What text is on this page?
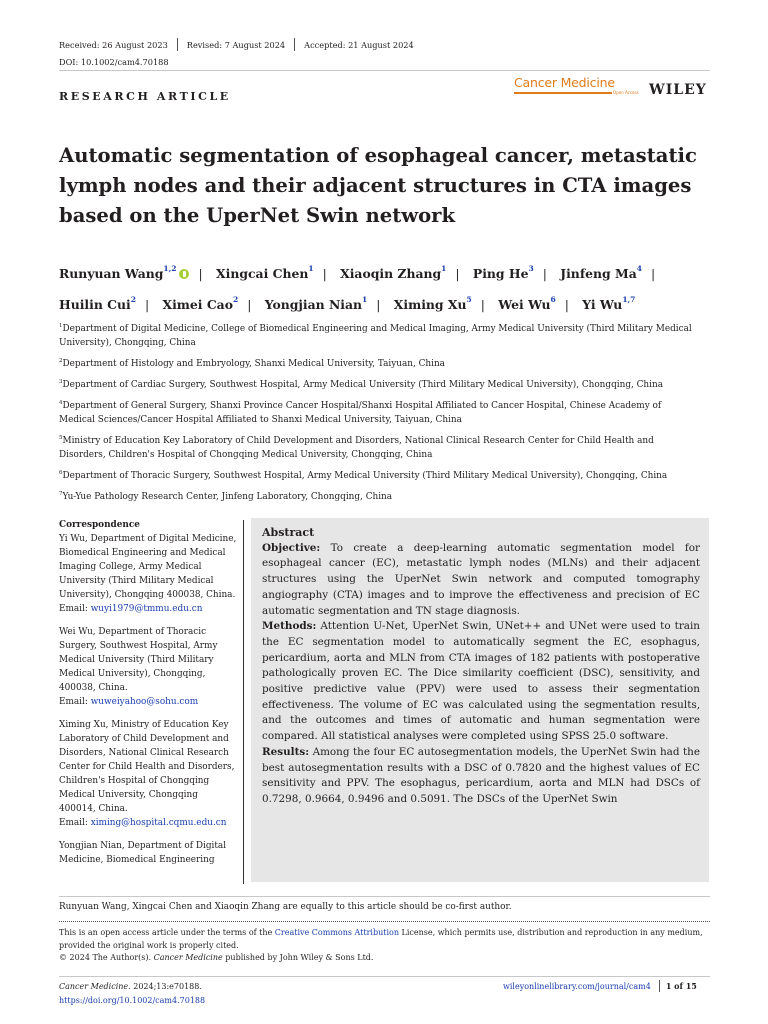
Received: 26 August 2023 Revised: 7 August 2024 Accepted: 21 August 2024
DOI: 10.1002/cam4.70188
RESEARCH ARTICLE
Cancer Medicine
Open Access WILEY
Automatic segmentation of esophageal cancer, metastatic lymph nodes and their adjacent structures in CTA images based on the UperNet Swin network
Runyuan Wang$^{1,2}$ | Xingcai Chen$^1$ | Xiaoqin Zhang$^1$ | Ping He$^3$ | Jinfeng Ma$^4$ |
Huilin Cui$^2$ | Ximei Cao$^2$ | Yongjian Nian$^1$ | Ximing Xu$^5$ | Wei Wu$^6$ | Yi Wu$^{1,7}$

$^1$Department of Digital Medicine, College of Biomedical Engineering and Medical Imaging, Army Medical University (Third Military Medical University), Chongqing, China

$^2$Department of Histology and Embryology, Shanxi Medical University, Taiyuan, China

$^3$Department of Cardiac Surgery, Southwest Hospital, Army Medical University (Third Military Medical University), Chongqing, China

$^4$Department of General Surgery, Shanxi Province Cancer Hospital/Shanxi Hospital Affiliated to Cancer Hospital, Chinese Academy of Medical Sciences/Cancer Hospital Affiliated to Shanxi Medical University, Taiyuan, China

$^5$Ministry of Education Key Laboratory of Child Development and Disorders, National Clinical Research Center for Child Health and Disorders, Children's Hospital of Chongqing Medical University, Chongqing, China

$^6$Department of Thoracic Surgery, Southwest Hospital, Army Medical University (Third Military Medical University), Chongqing, China

$^7$Yu-Yue Pathology Research Center, Jinfeng Laboratory, Chongqing, China

Correspondence
Yi Wu, Department of Digital Medicine, Biomedical Engineering and Medical Imaging College, Army Medical University (Third Military Medical University), Chongqing 400038, China.
Email: wuyi1979@tmmu.edu.cn
Wei Wu, Department of Thoracic Surgery, Southwest Hospital, Army Medical University (Third Military Medical University), Chongqing, 400038, China.
Email: wuweiyahoo@sohu.com
Ximing Xu, Ministry of Education Key Laboratory of Child Development and Disorders, National Clinical Research Center for Child Health and Disorders, Children's Hospital of Chongqing Medical University, Chongqing 400014, China.
Email: ximing@hospital.cqmu.edu.cn
Yongjian Nian, Department of Digital Medicine, Biomedical Engineering
Abstract

Objective: To create a deep-learning automatic segmentation model for esophageal cancer (EC), metastatic lymph nodes (MLNs) and their adjacent structures using the UperNet Swin network and computed tomography angiography (CTA) images and to improve the effectiveness and precision of EC automatic segmentation and TN stage diagnosis.

Methods: Attention U-Net, UperNet Swin, UNet++ and UNet were used to train the EC segmentation model to automatically segment the EC, esophagus, pericardium, aorta and MLN from CTA images of 182 patients with postoperative pathologically proven EC. The Dice similarity coefficient (DSC), sensitivity, and positive predictive value (PPV) were used to assess their segmentation effectiveness. The volume of EC was calculated using the segmentation results, and the outcomes and times of automatic and human segmentation were compared. All statistical analyses were completed using SPSS 25.0 software.

Results: Among the four EC autosegmentation models, the UperNet Swin had the best autosegmentation results with a DSC of 0.7820 and the highest values of EC sensitivity and PPV. The esophagus, pericardium, aorta and MLN had DSCs of 0.7298, 0.9664, 0.9496 and 0.5091. The DSCs of the UperNet Swin

Runyuan Wang, Xingcai Chen and Xiaoqin Zhang are equally to this article should be co-first author.
This is an open access article under the terms of the Creative Commons Attribution License, which permits use, distribution and reproduction in any medium, provided the original work is properly cited.
© 2024 The Author(s). Cancer Medicine published by John Wiley & Sons Ltd.
Cancer Medicine. 2024;13:e70188.
https://doi.org/10.1002/cam4.70188
wileyonlinelibrary.com/journal/cam4 1 of 15
